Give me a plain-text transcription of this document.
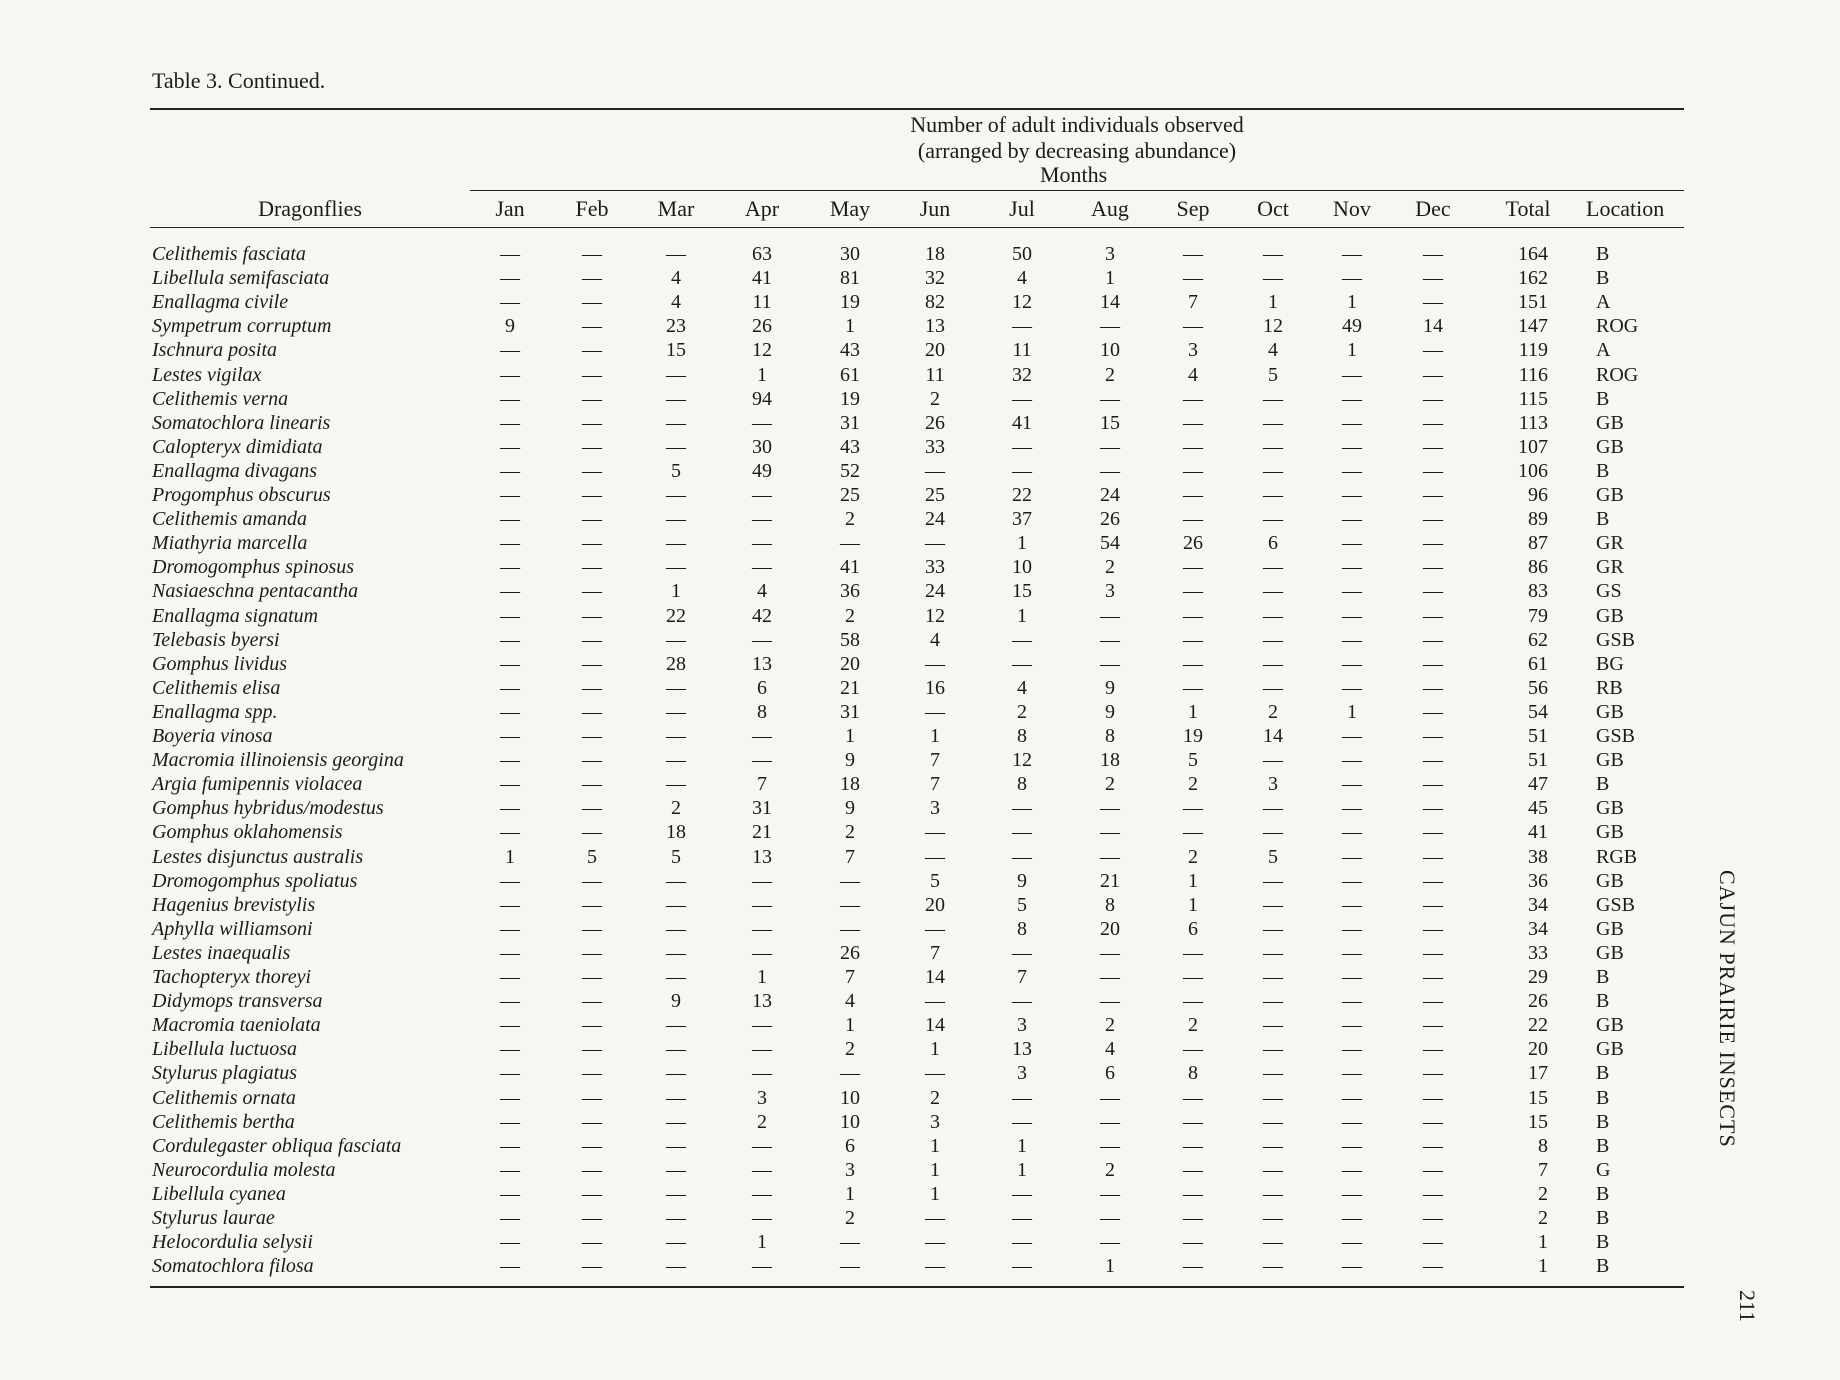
Table 3. Continued.
Number of adult individuals observed
(arranged by decreasing abundance)
Months
Dragonflies	Jan	Feb	Mar	Apr	May	Jun	Jul	Aug	Sep	Oct	Nov	Dec	Total	Location
Celithemis fasciata	—	—	—	63	30	18	50	3	—	—	—	—	164 B
Libellula semifasciata	—	—	4	41	81	32	4	1	—	—	—	—	162 B
Enallagma civile	—	—	4	11	19	82	12	14	7	1	1	—	151 A
Sympetrum corruptum	9	—	23	26	1	13	—	—	—	12	49	14	147 ROG
Ischnura posita	—	—	15	12	43	20	11	10	3	4	1	—	119 A
Lestes vigilax	—	—	—	1	61	11	32	2	4	5	—	—	116 ROG
Celithemis verna	—	—	—	94	19	2	—	—	—	—	—	—	115 B
Somatochlora linearis	—	—	—	—	31	26	41	15	—	—	—	—	113 GB
Calopteryx dimidiata	—	—	—	30	43	33	—	—	—	—	—	—	107 GB
Enallagma divagans	—	—	5	49	52	—	—	—	—	—	—	—	106 B
Progomphus obscurus	—	—	—	—	25	25	22	24	—	—	—	—	96 GB
Celithemis amanda	—	—	—	—	2	24	37	26	—	—	—	—	89 B
Miathyria marcella	—	—	—	—	—	—	1	54	26	6	—	—	87 GR
Dromogomphus spinosus	—	—	—	—	41	33	10	2	—	—	—	—	86 GR
Nasiaeschna pentacantha	—	—	1	4	36	24	15	3	—	—	—	—	83 GS
Enallagma signatum	—	—	22	42	2	12	1	—	—	—	—	—	79 GB
Telebasis byersi	—	—	—	—	58	4	—	—	—	—	—	—	62 GSB
Gomphus lividus	—	—	28	13	20	—	—	—	—	—	—	—	61 BG
Celithemis elisa	—	—	—	6	21	16	4	9	—	—	—	—	56 RB
Enallagma spp.	—	—	—	8	31	—	2	9	1	2	1	—	54 GB
Boyeria vinosa	—	—	—	—	1	1	8	8	19	14	—	—	51 GSB
Macromia illinoiensis georgina	—	—	—	—	9	7	12	18	5	—	—	—	51 GB
Argia fumipennis violacea	—	—	—	7	18	7	8	2	2	3	—	—	47 B
Gomphus hybridus/modestus	—	—	2	31	9	3	—	—	—	—	—	—	45 GB
Gomphus oklahomensis	—	—	18	21	2	—	—	—	—	—	—	—	41 GB
Lestes disjunctus australis	1	5	5	13	7	—	—	—	2	5	—	—	38 RGB
Dromogomphus spoliatus	—	—	—	—	—	5	9	21	1	—	—	—	36 GB
Hagenius brevistylis	—	—	—	—	—	20	5	8	1	—	—	—	34 GSB
Aphylla williamsoni	—	—	—	—	—	—	8	20	6	—	—	—	34 GB
Lestes inaequalis	—	—	—	—	26	7	—	—	—	—	—	—	33 GB
Tachopteryx thoreyi	—	—	—	1	7	14	7	—	—	—	—	—	29 B
Didymops transversa	—	—	9	13	4	—	—	—	—	—	—	—	26 B
Macromia taeniolata	—	—	—	—	1	14	3	2	2	—	—	—	22 GB
Libellula luctuosa	—	—	—	—	2	1	13	4	—	—	—	—	20 GB
Stylurus plagiatus	—	—	—	—	—	—	3	6	8	—	—	—	17 B
Celithemis ornata	—	—	—	3	10	2	—	—	—	—	—	—	15 B
Celithemis bertha	—	—	—	2	10	3	—	—	—	—	—	—	15 B
Cordulegaster obliqua fasciata	—	—	—	—	6	1	1	—	—	—	—	—	8 B
Neurocordulia molesta	—	—	—	—	3	1	1	2	—	—	—	—	7 G
Libellula cyanea	—	—	—	—	1	1	—	—	—	—	—	—	2 B
Stylurus laurae	—	—	—	—	2	—	—	—	—	—	—	—	2 B
Helocordulia selysii	—	—	—	1	—	—	—	—	—	—	—	—	1 B
Somatochlora filosa	—	—	—	—	—	—	—	1	—	—	—	—	1 B
CAJUN PRAIRIE INSECTS
211
